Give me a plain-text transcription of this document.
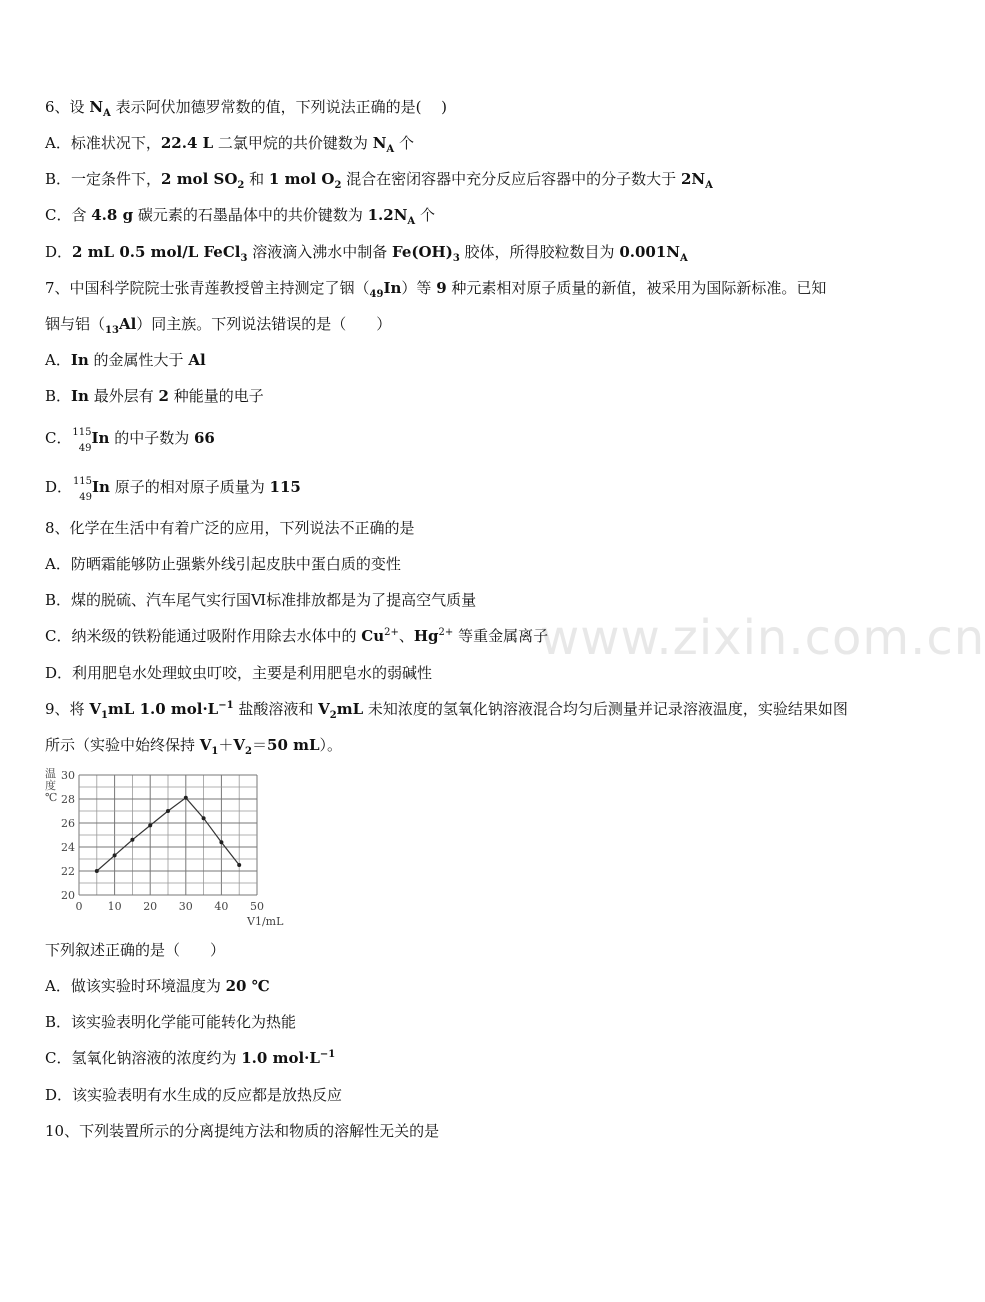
www.zixin.com.cn
6、设 $N_A$ 表示阿伏加德罗常数的值，下列说法正确的是(　 )
A．标准状况下，22.4 L 二氯甲烷的共价键数为 $N_A$ 个
B．一定条件下，2 mol $SO_2$ 和 1 mol $O_2$ 混合在密闭容器中充分反应后容器中的分子数大于 $2N_A$
C．含 4.8 g 碳元素的石墨晶体中的共价键数为 $1.2N_A$ 个
D．2 mL 0.5 mol/L FeCl$_3$ 溶液滴入沸水中制备 $Fe(OH)_3$ 胶体，所得胶粒数目为 $0.001N_A$
7、中国科学院院士张青莲教授曾主持测定了铟$(_{49}In)$等 9 种元素相对原子质量的新值，被采用为国际新标准。已知
铟与铝$(_{13}Al)$同主族。下列说法错误的是（　　）
A．In 的金属性大于 Al
B．In 最外层有 2 种能量的电子
C． 115
49
In 的中子数为 66
D． 115
49
In 原子的相对原子质量为 115
8、化学在生活中有着广泛的应用，下列说法不正确的是
A．防晒霜能够防止强紫外线引起皮肤中蛋白质的变性
B．煤的脱硫、汽车尾气实行国Ⅵ标准排放都是为了提高空气质量
C．纳米级的铁粉能通过吸附作用除去水体中的 $Cu^{2+}$、$Hg^{2+}$ 等重金属离子
D．利用肥皂水处理蚊虫叮咬，主要是利用肥皂水的弱碱性
9、将 $V_1mL$ 1.0 $mol\cdot L^{-1}$ 盐酸溶液和 $V_2mL$ 未知浓度的氢氧化钠溶液混合均匀后测量并记录溶液温度，实验结果如图
所示（实验中始终保持 $V_1+V_2=50$ mL）。
20
22
24
26
28
30
0 10 20 30 40 50
温度℃
V1/mL
下列叙述正确的是（　　）
A．做该实验时环境温度为 20 ℃
B．该实验表明化学能可能转化为热能
C．氢氧化钠溶液的浓度约为 1.0 $mol\cdot L^{-1}$
D．该实验表明有水生成的反应都是放热反应
10、下列装置所示的分离提纯方法和物质的溶解性无关的是
